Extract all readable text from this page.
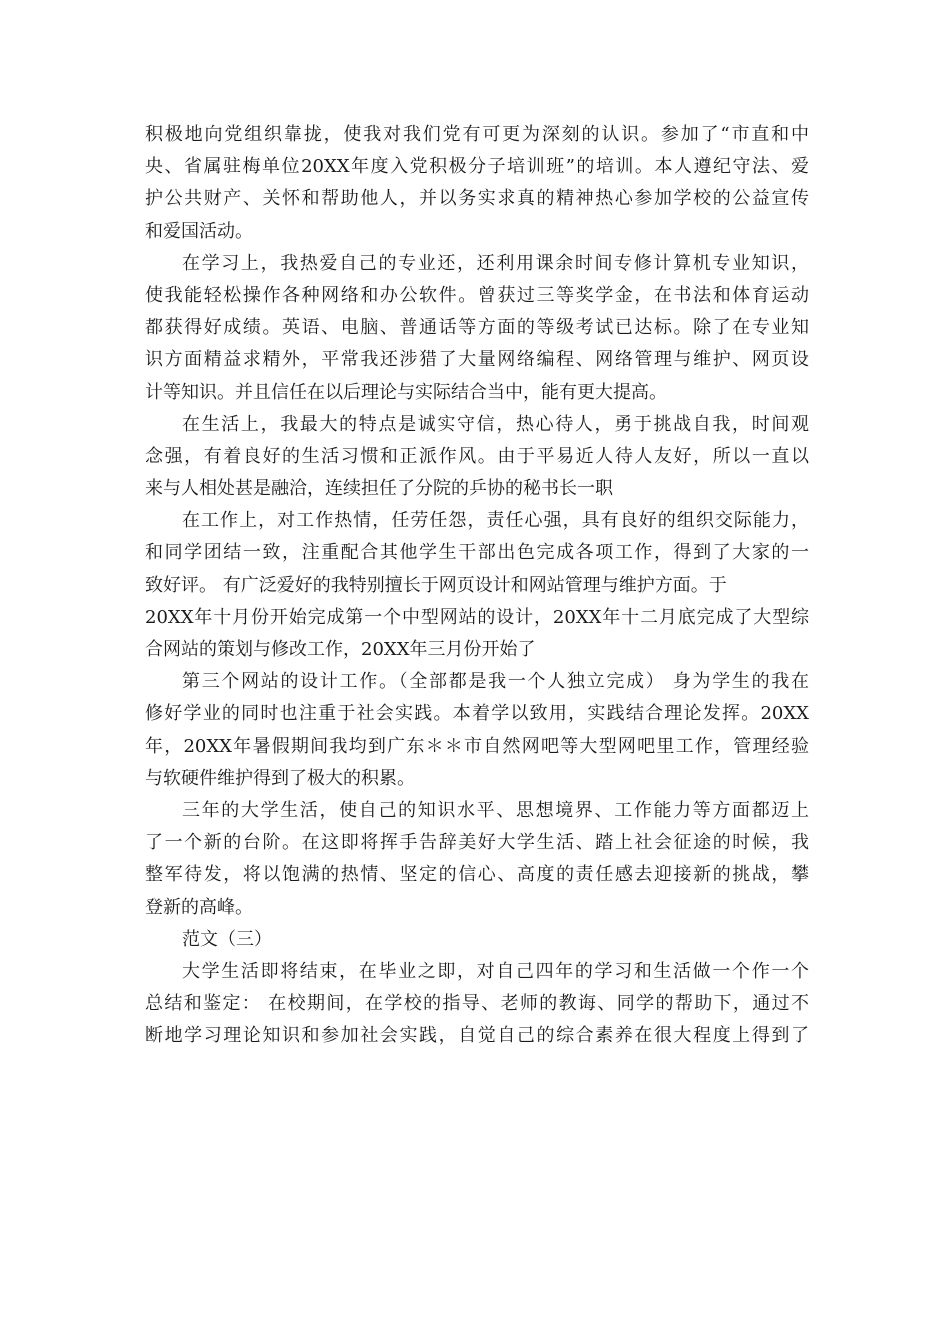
积极地向党组织靠拢，使我对我们党有可更为深刻的认识。参加了“市直和中
央、省属驻梅单位20XX年度入党积极分子培训班”的培训。本人遵纪守法、爱
护公共财产、关怀和帮助他人，并以务实求真的精神热心参加学校的公益宣传
和爱国活动。
在学习上，我热爱自己的专业还，还利用课余时间专修计算机专业知识，
使我能轻松操作各种网络和办公软件。曾获过三等奖学金，在书法和体育运动
都获得好成绩。英语、电脑、普通话等方面的等级考试已达标。除了在专业知
识方面精益求精外，平常我还涉猎了大量网络编程、网络管理与维护、网页设
计等知识。并且信任在以后理论与实际结合当中，能有更大提高。
在生活上，我最大的特点是诚实守信，热心待人，勇于挑战自我，时间观
念强，有着良好的生活习惯和正派作风。由于平易近人待人友好，所以一直以
来与人相处甚是融洽，连续担任了分院的乒协的秘书长一职
在工作上，对工作热情，任劳任怨，责任心强，具有良好的组织交际能力，
和同学团结一致，注重配合其他学生干部出色完成各项工作，得到了大家的一
致好评。 有广泛爱好的我特别擅长于网页设计和网站管理与维护方面。于
20XX年十月份开始完成第一个中型网站的设计，20XX年十二月底完成了大型综
合网站的策划与修改工作，20XX年三月份开始了
第三个网站的设计工作。（全部都是我一个人独立完成） 身为学生的我在
修好学业的同时也注重于社会实践。本着学以致用，实践结合理论发挥。20XX
年，20XX年暑假期间我均到广东＊＊市自然网吧等大型网吧里工作，管理经验
与软硬件维护得到了极大的积累。
三年的大学生活，使自己的知识水平、思想境界、工作能力等方面都迈上
了一个新的台阶。在这即将挥手告辞美好大学生活、踏上社会征途的时候，我
整军待发，将以饱满的热情、坚定的信心、高度的责任感去迎接新的挑战，攀
登新的高峰。
范文（三）
大学生活即将结束，在毕业之即，对自己四年的学习和生活做一个作一个
总结和鉴定： 在校期间，在学校的指导、老师的教诲、同学的帮助下，通过不
断地学习理论知识和参加社会实践，自觉自己的综合素养在很大程度上得到了
